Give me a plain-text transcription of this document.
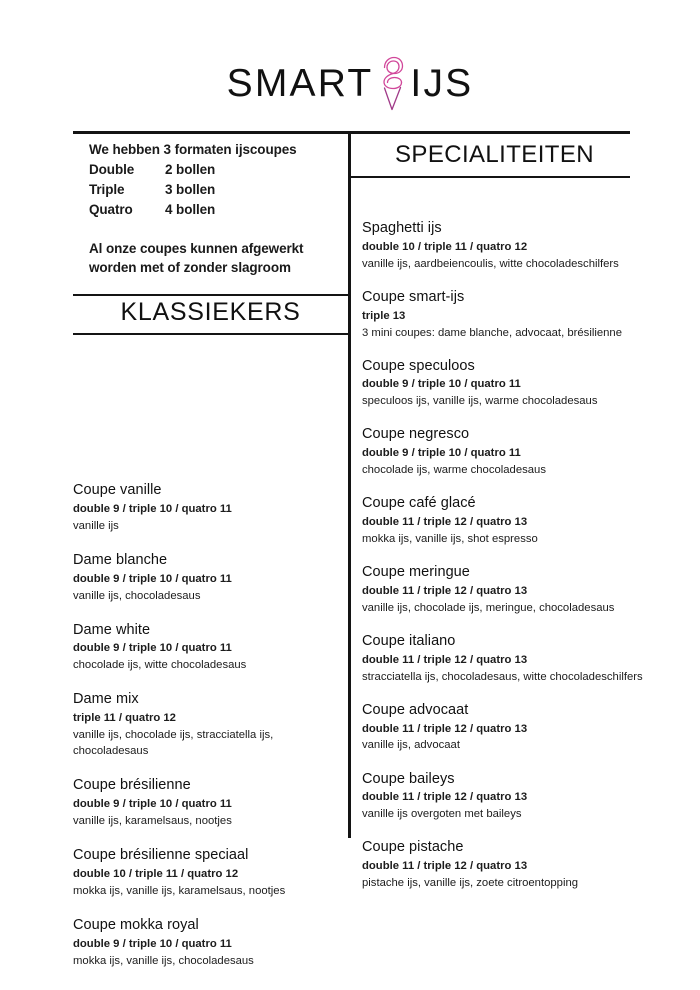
SMART IJS
KLASSIEKERS
We hebben 3 formaten ijscoupes
Double	2 bollen
Triple	3 bollen
Quatro	4 bollen
Al onze coupes kunnen afgewerkt
worden met of zonder slagroom
Coupe vanille
double 9 / triple 10 / quatro 11
vanille ijs
Dame blanche
double 9 / triple 10 / quatro 11
vanille ijs, chocoladesaus
Dame white
double 9 / triple 10 / quatro 11
chocolade ijs, witte chocoladesaus
Dame mix
triple 11 / quatro 12
vanille ijs, chocolade ijs, stracciatella ijs, chocoladesaus
Coupe brésilienne
double 9 / triple 10 / quatro 11
vanille ijs, karamelsaus, nootjes
Coupe brésilienne speciaal
double 10 / triple 11 / quatro 12
mokka ijs, vanille ijs, karamelsaus, nootjes
Coupe mokka royal
double 9 / triple 10 / quatro 11
mokka ijs, vanille ijs, chocoladesaus
SPECIALITEITEN
Spaghetti ijs
double 10 / triple 11 / quatro 12
vanille ijs, aardbeiencoulis, witte chocoladeschilfers
Coupe smart-ijs
triple 13
3 mini coupes: dame blanche, advocaat, brésilienne
Coupe speculoos
double 9 / triple 10 / quatro 11
speculoos ijs, vanille ijs, warme chocoladesaus
Coupe negresco
double 9 / triple 10 / quatro 11
chocolade ijs, warme chocoladesaus
Coupe café glacé
double 11 / triple 12 / quatro 13
mokka ijs, vanille ijs, shot espresso
Coupe meringue
double 11 / triple 12 / quatro 13
vanille ijs, chocolade ijs, meringue, chocoladesaus
Coupe italiano
double 11 / triple 12 / quatro 13
stracciatella ijs, chocoladesaus, witte chocoladeschilfers
Coupe advocaat
double 11 / triple 12 / quatro 13
vanille ijs, advocaat
Coupe baileys
double 11 / triple 12 / quatro 13
vanille ijs overgoten met baileys
Coupe pistache
double 11 / triple 12 / quatro 13
pistache ijs, vanille ijs, zoete citroentopping
